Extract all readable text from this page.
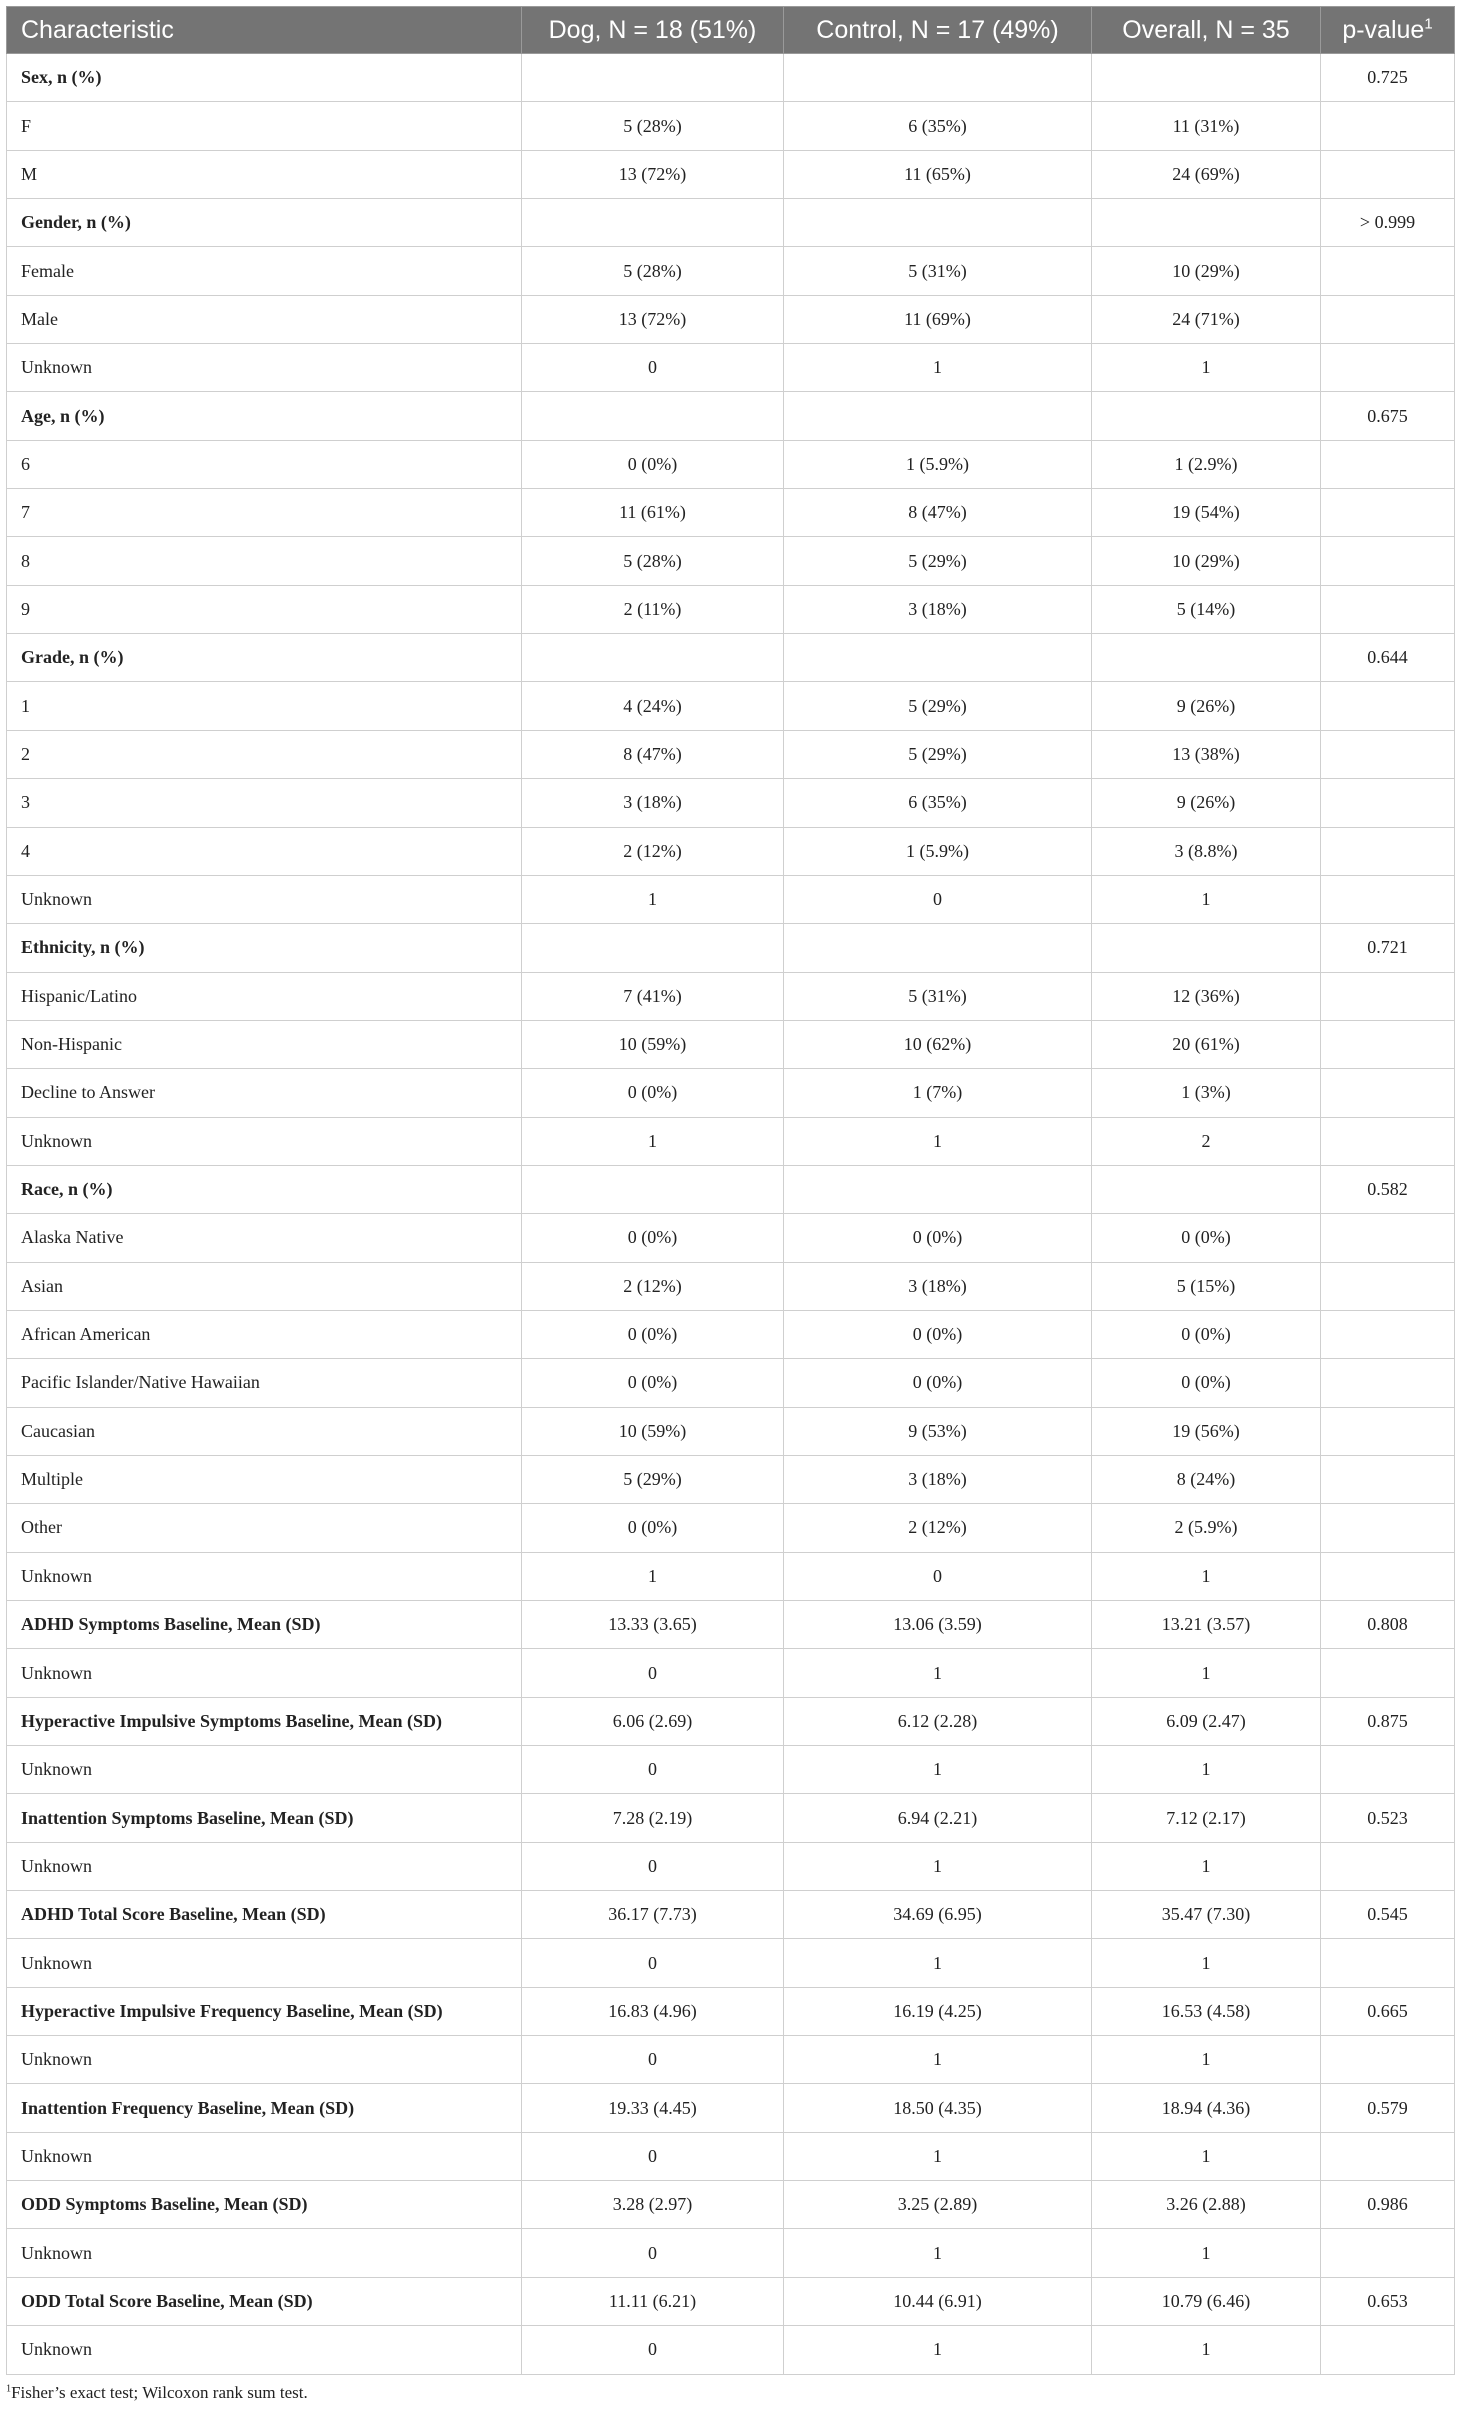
Characteristic	Dog, N = 18 (51%)	Control, N = 17 (49%)	Overall, N = 35	p-value$^1$
Sex, n (%)				0.725
F	5 (28%)	6 (35%)	11 (31%)	
M	13 (72%)	11 (65%)	24 (69%)	
Gender, n (%)				> 0.999
Female	5 (28%)	5 (31%)	10 (29%)	
Male	13 (72%)	11 (69%)	24 (71%)	
Unknown	0	1	1	
Age, n (%)				0.675
6	0 (0%)	1 (5.9%)	1 (2.9%)	
7	11 (61%)	8 (47%)	19 (54%)	
8	5 (28%)	5 (29%)	10 (29%)	
9	2 (11%)	3 (18%)	5 (14%)	
Grade, n (%)				0.644
1	4 (24%)	5 (29%)	9 (26%)	
2	8 (47%)	5 (29%)	13 (38%)	
3	3 (18%)	6 (35%)	9 (26%)	
4	2 (12%)	1 (5.9%)	3 (8.8%)	
Unknown	1	0	1	
Ethnicity, n (%)				0.721
Hispanic/Latino	7 (41%)	5 (31%)	12 (36%)	
Non-Hispanic	10 (59%)	10 (62%)	20 (61%)	
Decline to Answer	0 (0%)	1 (7%)	1 (3%)	
Unknown	1	1	2	
Race, n (%)				0.582
Alaska Native	0 (0%)	0 (0%)	0 (0%)	
Asian	2 (12%)	3 (18%)	5 (15%)	
African American	0 (0%)	0 (0%)	0 (0%)	
Pacific Islander/Native Hawaiian	0 (0%)	0 (0%)	0 (0%)	
Caucasian	10 (59%)	9 (53%)	19 (56%)	
Multiple	5 (29%)	3 (18%)	8 (24%)	
Other	0 (0%)	2 (12%)	2 (5.9%)	
Unknown	1	0	1	
ADHD Symptoms Baseline, Mean (SD)	13.33 (3.65)	13.06 (3.59)	13.21 (3.57)	0.808
Unknown	0	1	1	
Hyperactive Impulsive Symptoms Baseline, Mean (SD)	6.06 (2.69)	6.12 (2.28)	6.09 (2.47)	0.875
Unknown	0	1	1	
Inattention Symptoms Baseline, Mean (SD)	7.28 (2.19)	6.94 (2.21)	7.12 (2.17)	0.523
Unknown	0	1	1	
ADHD Total Score Baseline, Mean (SD)	36.17 (7.73)	34.69 (6.95)	35.47 (7.30)	0.545
Unknown	0	1	1	
Hyperactive Impulsive Frequency Baseline, Mean (SD)	16.83 (4.96)	16.19 (4.25)	16.53 (4.58)	0.665
Unknown	0	1	1	
Inattention Frequency Baseline, Mean (SD)	19.33 (4.45)	18.50 (4.35)	18.94 (4.36)	0.579
Unknown	0	1	1	
ODD Symptoms Baseline, Mean (SD)	3.28 (2.97)	3.25 (2.89)	3.26 (2.88)	0.986
Unknown	0	1	1	
ODD Total Score Baseline, Mean (SD)	11.11 (6.21)	10.44 (6.91)	10.79 (6.46)	0.653
Unknown	0	1	1	
$^1$Fisher’s exact test; Wilcoxon rank sum test.
